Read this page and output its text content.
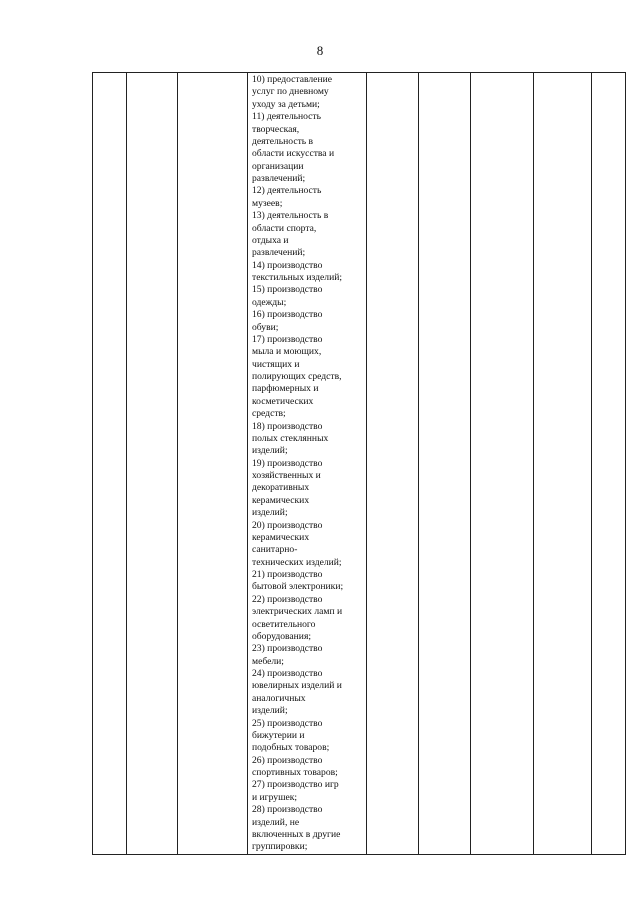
8

10) предоставление
услуг по дневному
уходу за детьми;
11) деятельность
творческая,
деятельность в
области искусства и
организации
развлечений;
12) деятельность
музеев;
13) деятельность в
области спорта,
отдыха и
развлечений;
14) производство
текстильных изделий;
15) производство
одежды;
16) производство
обуви;
17) производство
мыла и моющих,
чистящих и
полирующих средств,
парфюмерных и
косметических
средств;
18) производство
полых стеклянных
изделий;
19) производство
хозяйственных и
декоративных
керамических
изделий;
20) производство
керамических
санитарно-
технических изделий;
21) производство
бытовой электроники;
22) производство
электрических ламп и
осветительного
оборудования;
23) производство
мебели;
24) производство
ювелирных изделий и
аналогичных
изделий;
25) производство
бижутерии и
подобных товаров;
26) производство
спортивных товаров;
27) производство игр
и игрушек;
28) производство
изделий, не
включенных в другие
группировки;
